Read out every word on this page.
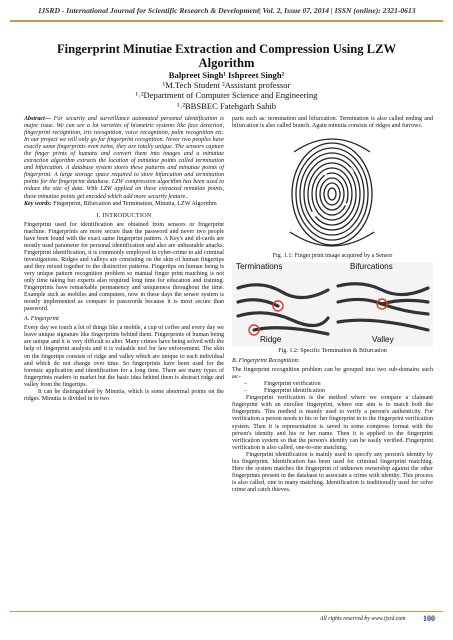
IJSRD - International Journal for Scientific Research & Development| Vol. 2, Issue 07, 2014 | ISSN (online): 2321-0613
Fingerprint Minutiae Extraction and Compression Using LZW Algorithm
Balpreet Singh¹ Ishpreet Singh²
¹M.Tech Student ²Assistant professor
¹˒²Department of Computer Science and Engineering
¹˒²BBSBEC Fatehgarh Sahib

Abstract— For security and surveillance automated personal identification is major issue. We can see a lot varieties of biometric systems like face detection, fingerprint recognition, iris recognition, voice recognition, palm recognition etc. In our project we will only go for fingerprint recognition. Never two peoples have exactly same fingerprints even twins, they are totally unique. The sensors capture the finger prints of humans and convert them into images and a minutiae extraction algorithm extracts the location of minutiae points called termination and bifurcation. A database system stores these patterns and minutiae points of fingerprint. A large storage space required to store bifurcation and termination points for the fingerprint database. LZW compression algorithm has been used to reduce the size of data. With LZW applied on these extracted minutiae points, these minutiae points get encoded which add more security feature..

Key words: Fingerprint, Bifurcation and Termination, Minutia, LZW Algorithm

I. INTRODUCTION

Fingerprint used for identification are obtained from sensors or fingerprint machine. Fingerprints are more secure than the password and never two people have been found with the exact same fingerprint pattern. A Key's and id-cards are mostly used parameter for personal identification and also are unbearable attacks. Fingerprint identification, it is commonly employed in cyber-crime to aid criminal investigations. Ridges and valleys are consisting on the skin of human fingertips and they mixed together to the distinctive patterns. Fingertips on human being is very unique pattern recognition problem so manual finger print matching is not only time taking but experts also required long time for education and training. Fingerprints have remarkable permanency and uniqueness throughout the time. Example such as mobiles and computers, now in these days the sensor system is mostly implemented as compare to passwords because it is most secure than password.

A. Fingerprint

Every day we touch a lot of things like a mobile, a cup of coffee and every day we leave unique signature like fingerprints behind them. Fingerprints of human being are unique and it is very difficult to alter. Many crimes have being solved with the help of fingerprint analysis and it is valuable tool for law enforcement. The skin on the fingertips consists of ridge and valley which are unique to each individual and which do not change over time. So fingerprints have been used for the forensic application and identification for a long time. There are many types of fingerprints readers in market but the basic idea behind them is abstract ridge and valley from the fingertips.

It can be distinguished by Minutia, which is some abnormal points on the ridges. Minutia is divided in to two

parts such as: termination and bifurcation. Termination is also called ending and bifurcation is also called branch. Again minutia consists of ridges and furrows.

Fig. 1.1: Finger print image acquired by a Sensor
Terminations	Bifurcations
Ridge	Valley
Fig. 1.2: Specific Termination & Bifurcation
B. Fingerprint Recognition:

The fingerprint recognition problem can be grouped into two sub-domains such as:-

–	Fingerprint verification
–	Fingerprint identification

Fingerprint verification is the method where we compare a claimant fingerprint with an enrollee fingerprint, where our aim is to match both the fingerprints. This method is mainly used to verify a person's authenticity. For verification a person needs to his or her fingerprint in to the fingerprint verification system. Then it is representation is saved in some compress format with the person's identity and his or her name. Then it is applied to the fingerprint verification system so that the person's identity can be easily verified. Fingerprint verification is also called, one-to-one matching.

Fingerprint identification is mainly used to specify any person's identity by his fingerprint. Identification has been used for criminal fingerprint matching. Here the system matches the fingerprint of unknown ownership against the other fingerprints present in the database to associate a crime with identity. This process is also called, one to many matching. Identification is traditionally used for solve crime and catch thieves.

All rights reserved by www.ijsrd.com 100
